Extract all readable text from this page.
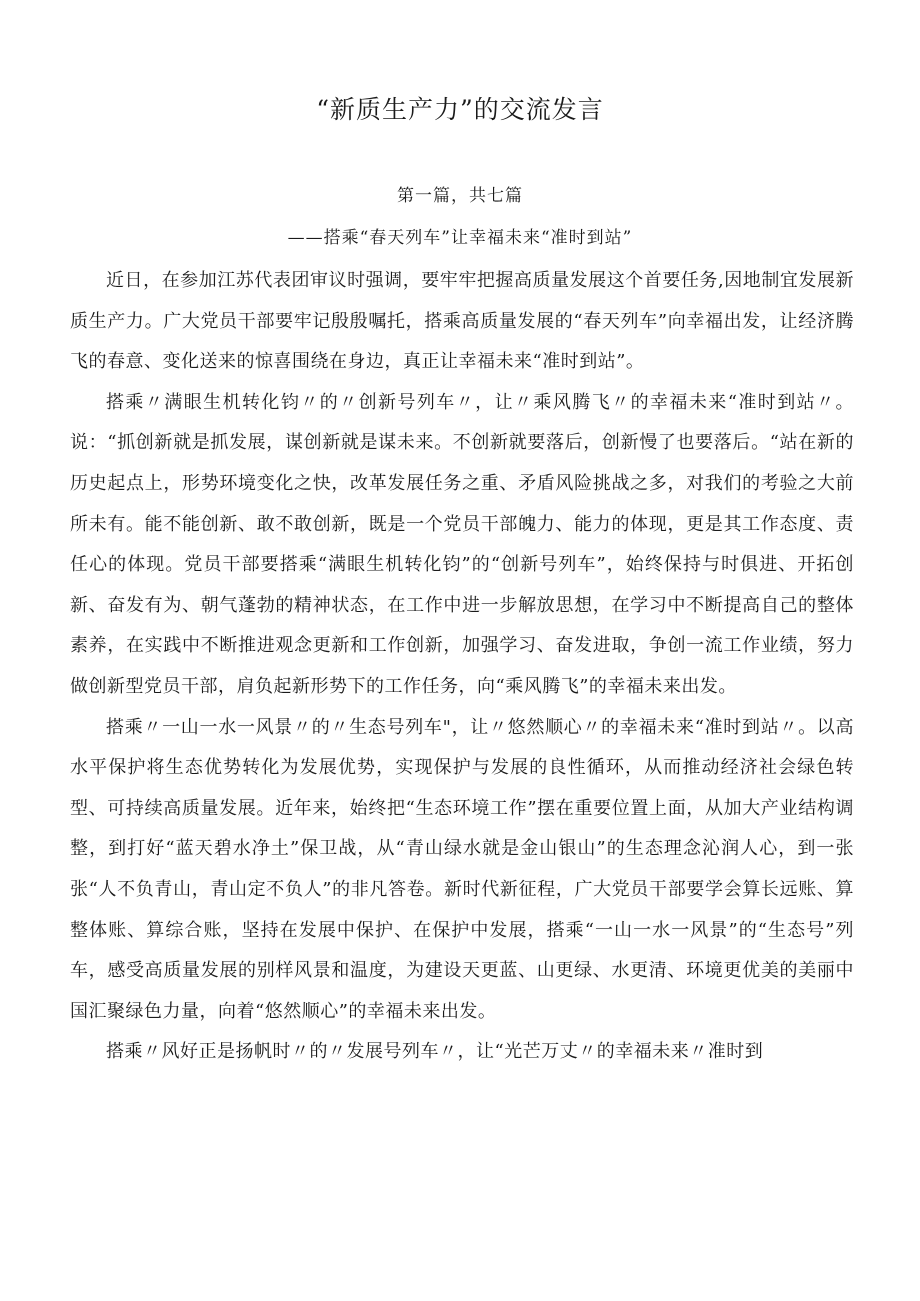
“新质生产力”的交流发言
第一篇，共七篇
——搭乘“春天列车”让幸福未来“准时到站”

近日，在参加江苏代表团审议时强调，要牢牢把握高质量发展这个首要任务,因地制宜发展新质生产力。广大党员干部要牢记殷殷嘱托，搭乘高质量发展的“春天列车”向幸福出发，让经济腾飞的春意、变化送来的惊喜围绕在身边，真正让幸福未来“准时到站”。

搭乘〃满眼生机转化钧〃的〃创新号列车〃，让〃乘风腾飞〃的幸福未来“准时到站〃。说：“抓创新就是抓发展，谋创新就是谋未来。不创新就要落后，创新慢了也要落后。“站在新的历史起点上，形势环境变化之快，改革发展任务之重、矛盾风险挑战之多，对我们的考验之大前所未有。能不能创新、敢不敢创新，既是一个党员干部魄力、能力的体现，更是其工作态度、责任心的体现。党员干部要搭乘“满眼生机转化钧”的“创新号列车”，始终保持与时俱进、开拓创新、奋发有为、朝气蓬勃的精神状态，在工作中进一步解放思想，在学习中不断提高自己的整体素养，在实践中不断推进观念更新和工作创新，加强学习、奋发进取，争创一流工作业绩，努力做创新型党员干部，肩负起新形势下的工作任务，向“乘风腾飞”的幸福未来出发。

搭乘〃一山一水一风景〃的〃生态号列车"，让〃悠然顺心〃的幸福未来“准时到站〃。以高水平保护将生态优势转化为发展优势，实现保护与发展的良性循环，从而推动经济社会绿色转型、可持续高质量发展。近年来，始终把“生态环境工作”摆在重要位置上面，从加大产业结构调整，到打好“蓝天碧水净土”保卫战，从“青山绿水就是金山银山”的生态理念沁润人心，到一张张“人不负青山，青山定不负人”的非凡答卷。新时代新征程，广大党员干部要学会算长远账、算整体账、算综合账，坚持在发展中保护、在保护中发展，搭乘“一山一水一风景”的“生态号”列车，感受高质量发展的别样风景和温度，为建设天更蓝、山更绿、水更清、环境更优美的美丽中国汇聚绿色力量，向着“悠然顺心”的幸福未来出发。

搭乘〃风好正是扬帆时〃的〃发展号列车〃，让“光芒万丈〃的幸福未来〃准时到
